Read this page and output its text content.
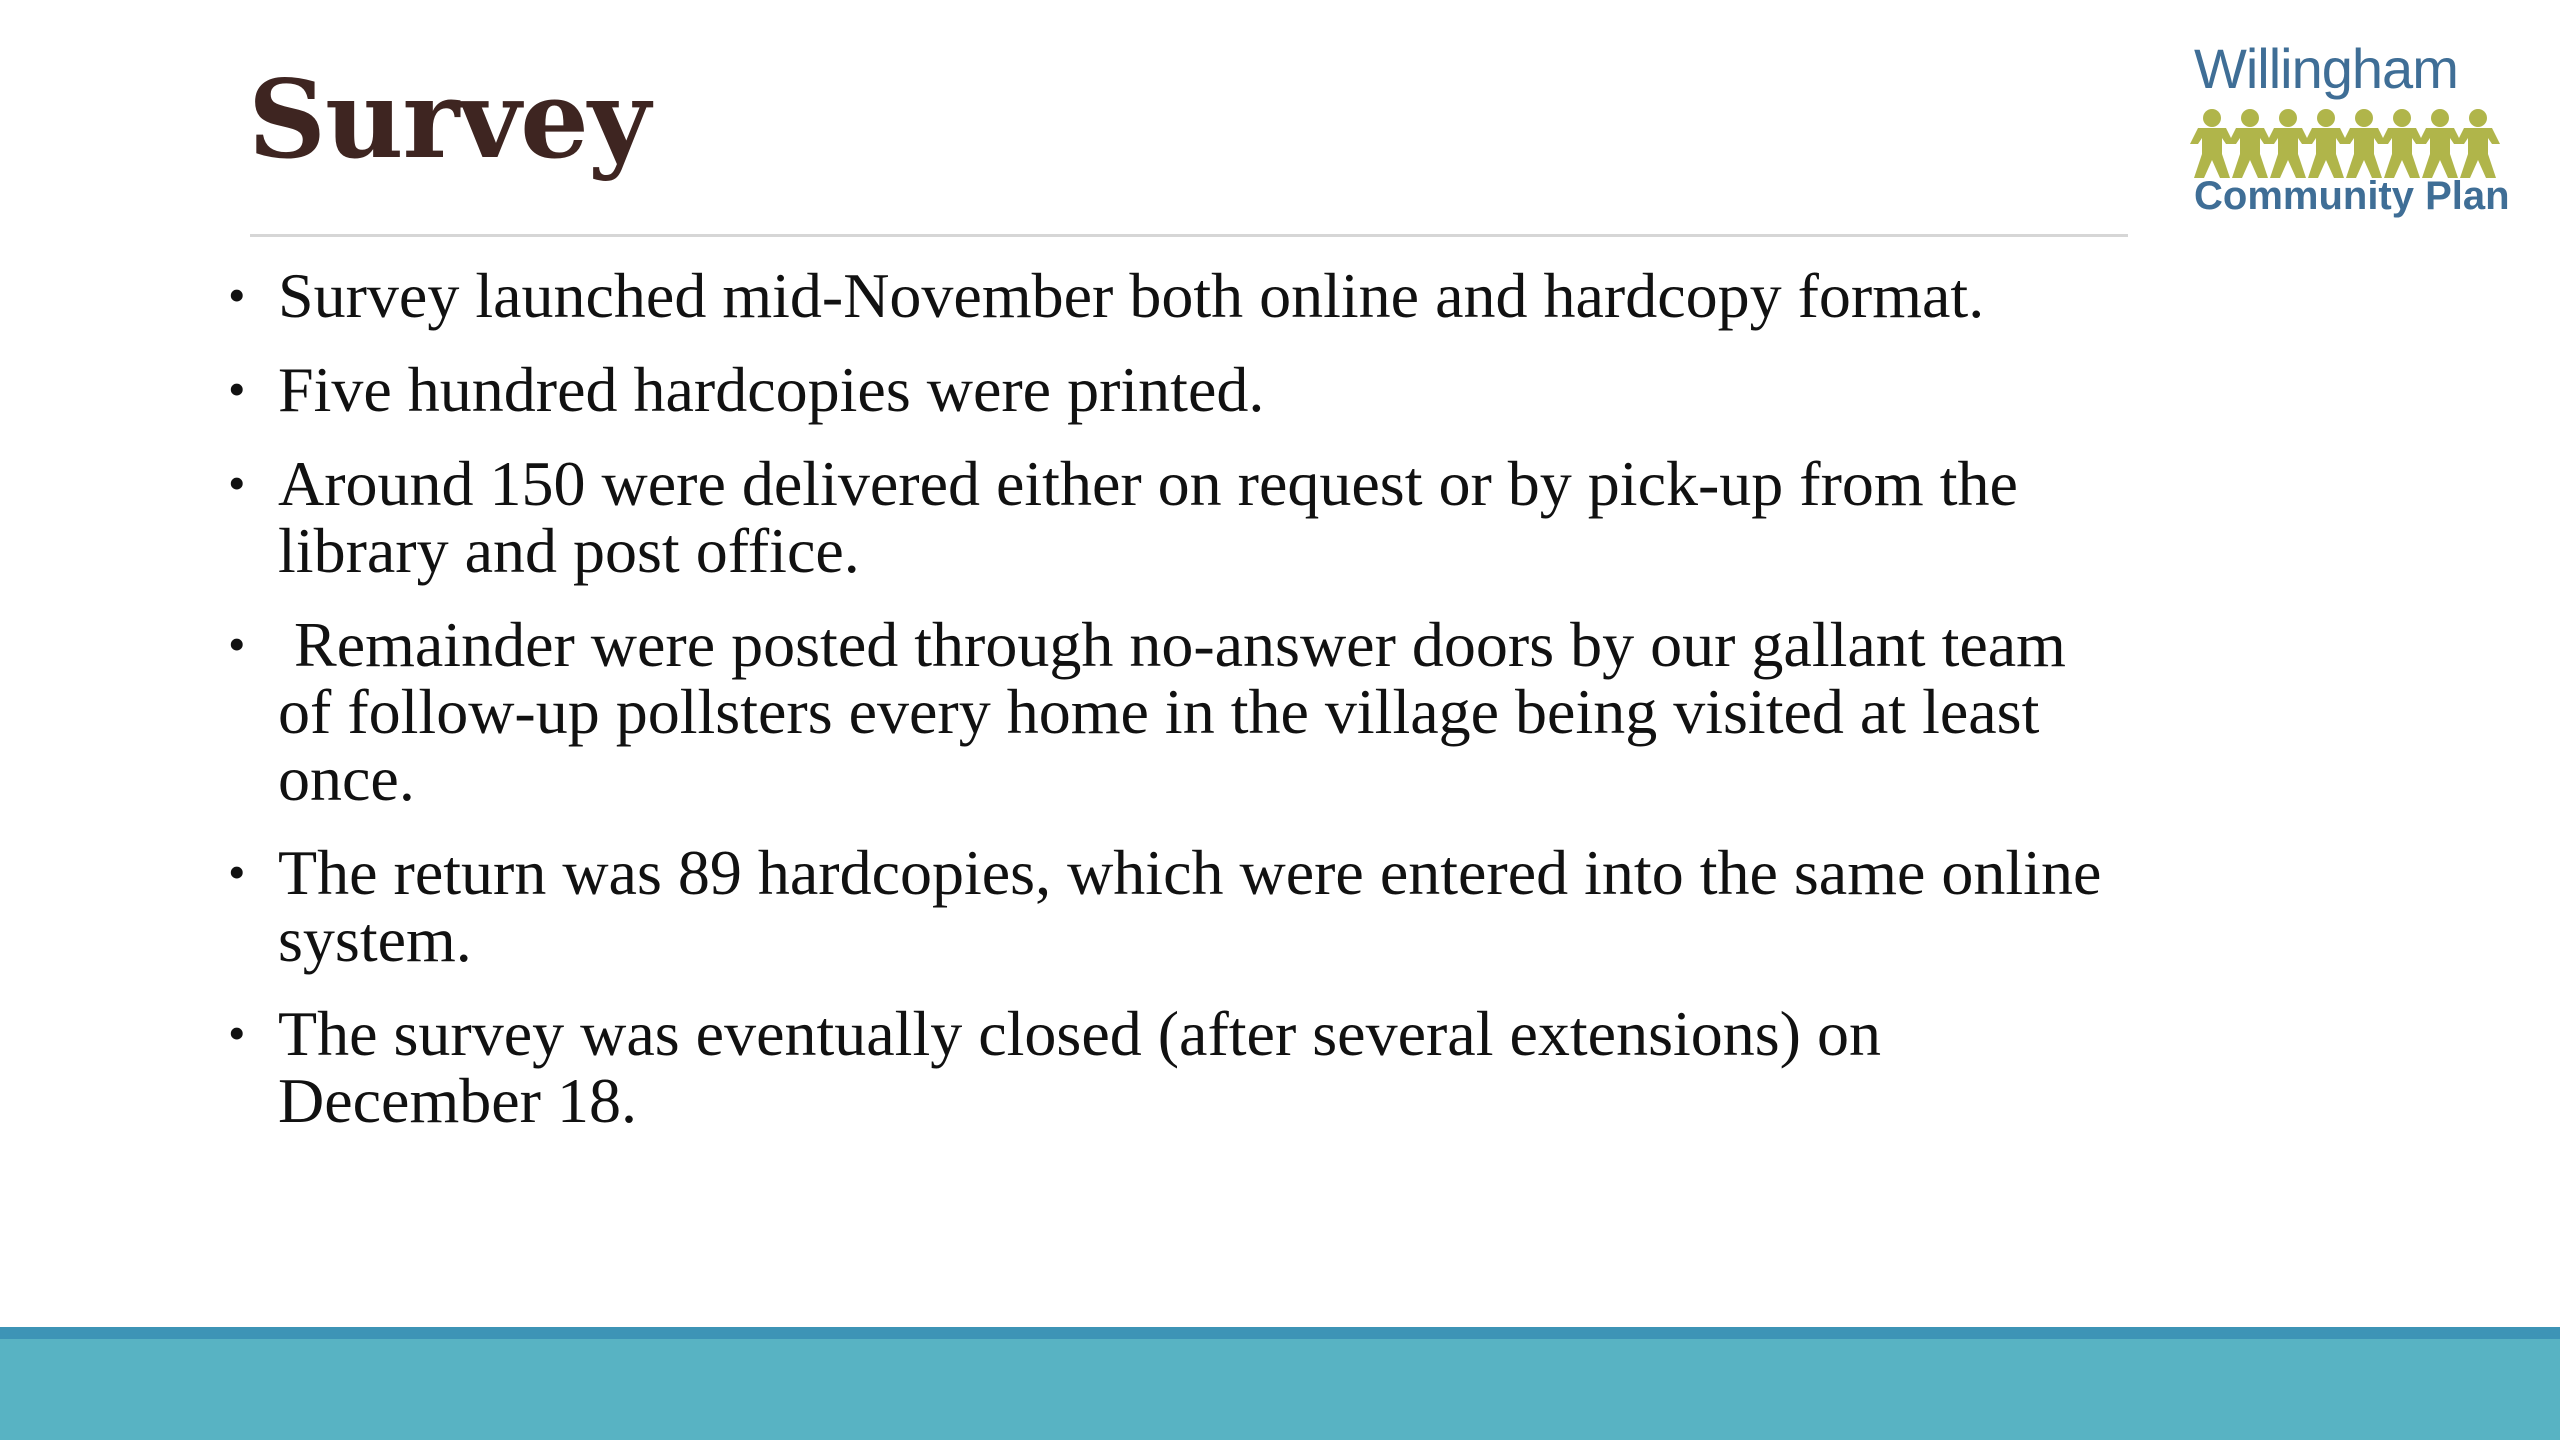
Survey	Willingham
Community Plan
• Survey launched mid-November both online and hardcopy format.
• Five hundred hardcopies were printed.
• Around 150 were delivered either on request or by pick-up from the library and post office.
• Remainder were posted through no-answer doors by our gallant team of follow-up pollsters every home in the village being visited at least once.
• The return was 89 hardcopies, which were entered into the same online system.
• The survey was eventually closed (after several extensions) on December 18.
